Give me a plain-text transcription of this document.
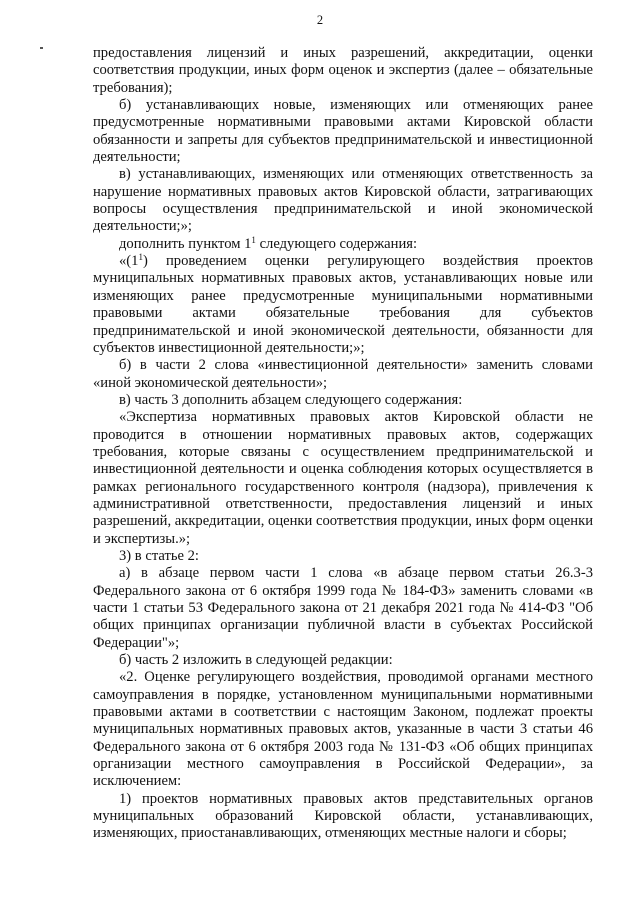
2

предоставления лицензий и иных разрешений, аккредитации, оценки соответствия продукции, иных форм оценок и экспертиз (далее – обязательные требования);

б) устанавливающих новые, изменяющих или отменяющих ранее предусмотренные нормативными правовыми актами Кировской области обязанности и запреты для субъектов предпринимательской и инвестиционной деятельности;

в) устанавливающих, изменяющих или отменяющих ответственность за нарушение нормативных правовых актов Кировской области, затрагивающих вопросы осуществления предпринимательской и иной экономической деятельности;»;

дополнить пунктом $1^1$ следующего содержания:

«$(1^1)$ проведением оценки регулирующего воздействия проектов муниципальных нормативных правовых актов, устанавливающих новые или изменяющих ранее предусмотренные муниципальными нормативными правовыми актами обязательные требования для субъектов предпринимательской и иной экономической деятельности, обязанности для субъектов инвестиционной деятельности;»;

б) в части 2 слова «инвестиционной деятельности» заменить словами «иной экономической деятельности»;

в) часть 3 дополнить абзацем следующего содержания:

«Экспертиза нормативных правовых актов Кировской области не проводится в отношении нормативных правовых актов, содержащих требования, которые связаны с осуществлением предпринимательской и инвестиционной деятельности и оценка соблюдения которых осуществляется в рамках регионального государственного контроля (надзора), привлечения к административной ответственности, предоставления лицензий и иных разрешений, аккредитации, оценки соответствия продукции, иных форм оценки и экспертизы.»;

3) в статье 2:

а) в абзаце первом части 1 слова «в абзаце первом статьи 26.3-3 Федерального закона от 6 октября 1999 года № 184-ФЗ» заменить словами «в части 1 статьи 53 Федерального закона от 21 декабря 2021 года № 414-ФЗ "Об общих принципах организации публичной власти в субъектах Российской Федерации"»;

б) часть 2 изложить в следующей редакции:

«2. Оценке регулирующего воздействия, проводимой органами местного самоуправления в порядке, установленном муниципальными нормативными правовыми актами в соответствии с настоящим Законом, подлежат проекты муниципальных нормативных правовых актов, указанные в части 3 статьи 46 Федерального закона от 6 октября 2003 года № 131-ФЗ «Об общих принципах организации местного самоуправления в Российской Федерации», за исключением:

1) проектов нормативных правовых актов представительных органов муниципальных образований Кировской области, устанавливающих, изменяющих, приостанавливающих, отменяющих местные налоги и сборы;
